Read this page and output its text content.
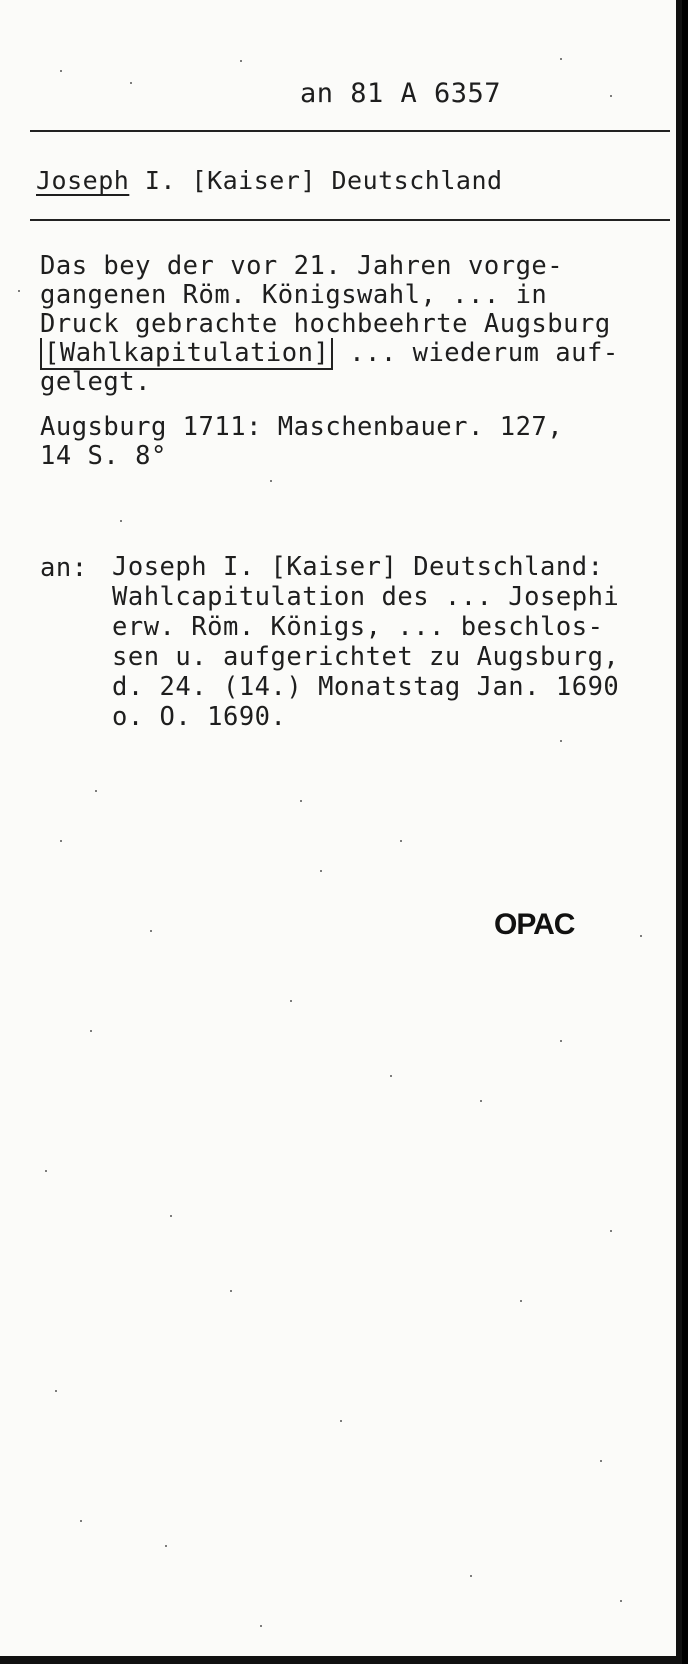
an 81 A 6357
Joseph I. [Kaiser] Deutschland
Das bey der vor 21. Jahren vorge-
gangenen Röm. Königswahl, ... in
Druck gebrachte hochbeehrte Augsburg
[Wahlkapitulation] ... wiederum auf-
gelegt.
Augsburg 1711: Maschenbauer. 127,
14 S. 8°
an: Joseph I. [Kaiser] Deutschland:
Wahlcapitulation des ... Josephi
erw. Röm. Königs, ... beschlos-
sen u. aufgerichtet zu Augsburg,
d. 24. (14.) Monatstag Jan. 1690
o. O. 1690.
OPAC
